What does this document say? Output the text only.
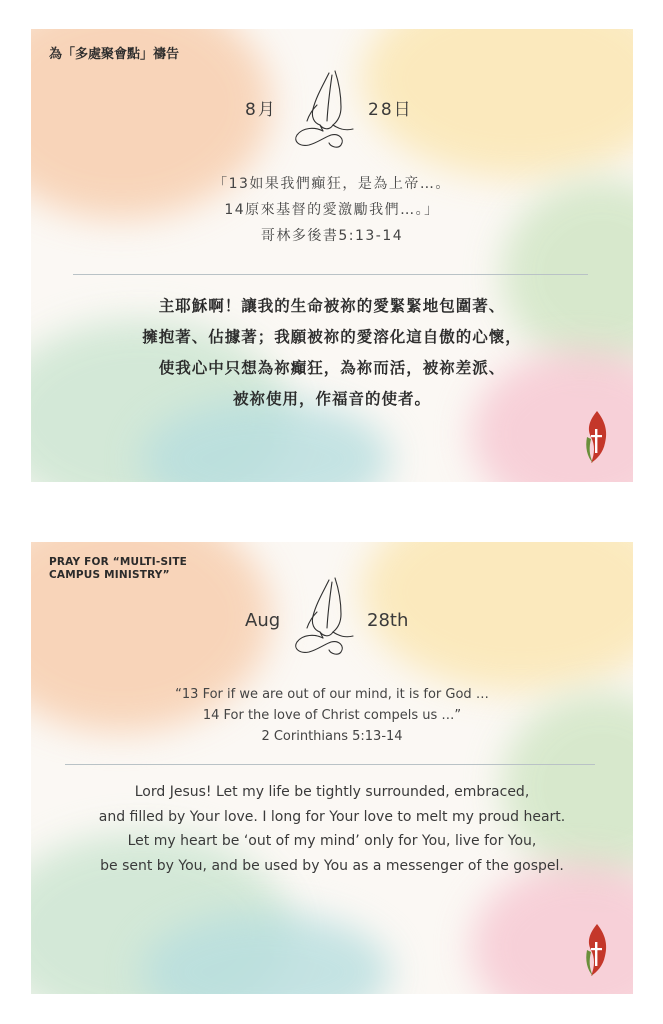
為「多處聚會點」禱告
8月	28日
「13如果我們癲狂，是為上帝…。
14原來基督的愛激勵我們…。」
哥林多後書5:13-14
主耶穌啊！讓我的生命被祢的愛緊緊地包圍著、
擁抱著、佔據著；我願被祢的愛溶化這自傲的心懷，
使我心中只想為祢癲狂，為祢而活，被祢差派、
被祢使用，作福音的使者。
PRAY FOR “MULTI-SITE CAMPUS MINISTRY”
Aug	28th
“13 For if we are out of our mind, it is for God …
14 For the love of Christ compels us …”
2 Corinthians 5:13-14
Lord Jesus! Let my life be tightly surrounded, embraced,
and filled by Your love. I long for Your love to melt my proud heart.
Let my heart be ‘out of my mind’ only for You, live for You,
be sent by You, and be used by You as a messenger of the gospel.
